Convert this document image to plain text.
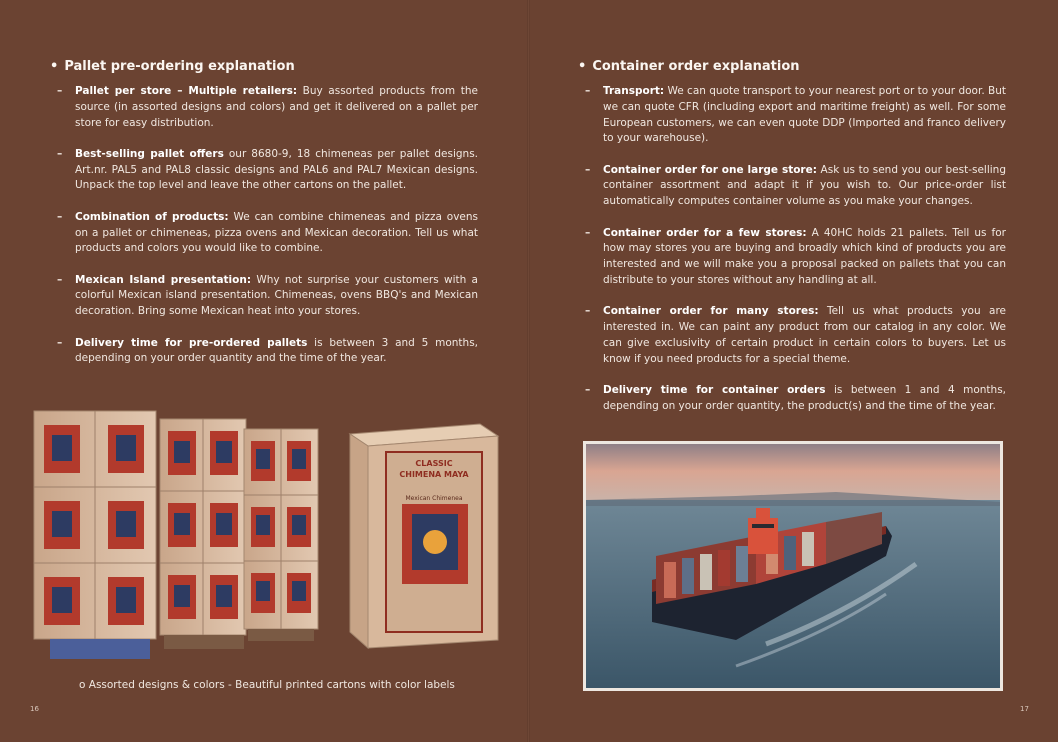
• Pallet pre-ordering explanation
– Pallet per store – Multiple retailers: Buy assorted products from the source (in assorted designs and colors) and get it delivered on a pallet per store for easy distribution.
– Best-selling pallet offers our 8680-9, 18 chimeneas per pallet designs. Art.nr. PAL5 and PAL8 classic designs and PAL6 and PAL7 Mexican designs. Unpack the top level and leave the other cartons on the pallet.
– Combination of products: We can combine chimeneas and pizza ovens on a pallet or chimeneas, pizza ovens and Mexican decoration. Tell us what products and colors you would like to combine.
– Mexican Island presentation: Why not surprise your customers with a colorful Mexican island presentation. Chimeneas, ovens BBQ's and Mexican decoration. Bring some Mexican heat into your stores.
– Delivery time for pre-ordered pallets is between 3 and 5 months, depending on your order quantity and the time of the year.
CLASSIC
CHIMENA MAYA
Mexican Chimenea
o Assorted designs & colors - Beautiful printed cartons with color labels
16
• Container order explanation
– Transport: We can quote transport to your nearest port or to your door. But we can quote CFR (including export and maritime freight) as well. For some European customers, we can even quote DDP (Imported and franco delivery to your warehouse).
– Container order for one large store: Ask us to send you our best-selling container assortment and adapt it if you wish to. Our price-order list automatically computes container volume as you make your changes.
– Container order for a few stores: A 40HC holds 21 pallets. Tell us for how may stores you are buying and broadly which kind of products you are interested and we will make you a proposal packed on pallets that you can distribute to your stores without any handling at all.
– Container order for many stores: Tell us what products you are interested in. We can paint any product from our catalog in any color. We can give exclusivity of certain product in certain colors to buyers. Let us know if you need products for a special theme.
– Delivery time for container orders is between 1 and 4 months, depending on your order quantity, the product(s) and the time of the year.
17
